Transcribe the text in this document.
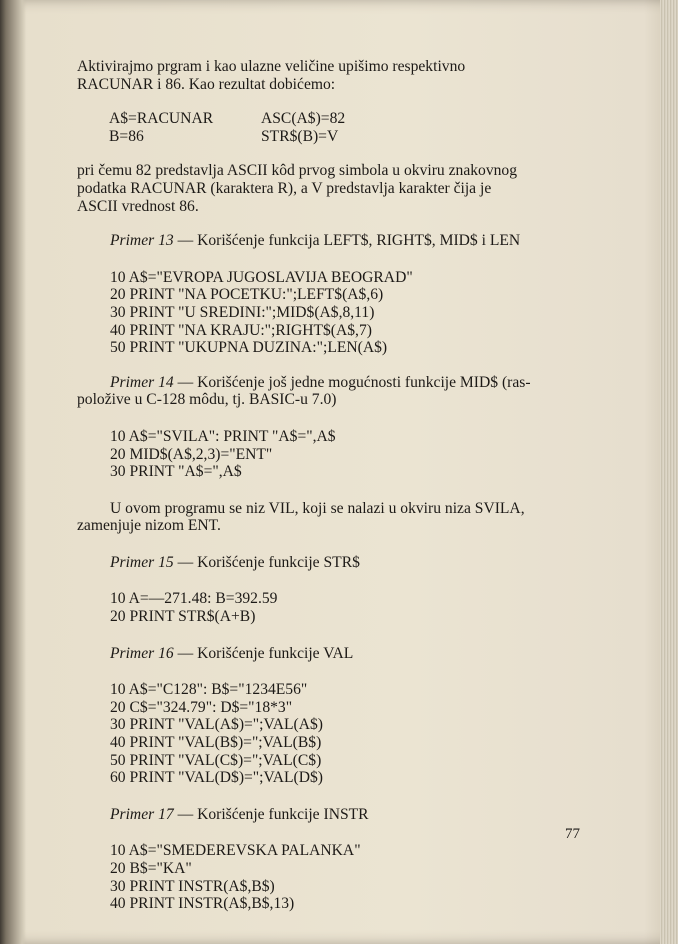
Aktivirajmo prgram i kao ulazne veličine upišimo respektivno
RACUNAR i 86. Kao rezultat dobićemo:

A$=RACUNAR	ASC(A$)=82
B=86	STR$(B)=V

pri čemu 82 predstavlja ASCII kôd prvog simbola u okviru znakovnog
podatka RACUNAR (karaktera R), a V predstavlja karakter čija je
ASCII vrednost 86.

Primer 13 — Korišćenje funkcija LEFT$, RIGHT$, MID$ i LEN
10 A$="EVROPA JUGOSLAVIJA BEOGRAD"
20 PRINT "NA POCETKU:";LEFT$(A$,6)
30 PRINT "U SREDINI:";MID$(A$,8,11)
40 PRINT "NA KRAJU:";RIGHT$(A$,7)
50 PRINT "UKUPNA DUZINA:";LEN(A$)

Primer 14 — Korišćenje još jedne mogućnosti funkcije MID$ (ras-
položive u C-128 môdu, tj. BASIC-u 7.0)

10 A$="SVILA": PRINT "A$=",A$
20 MID$(A$,2,3)="ENT"
30 PRINT "A$=",A$

U ovom programu se niz VIL, koji se nalazi u okviru niza SVILA,
zamenjuje nizom ENT.

Primer 15 — Korišćenje funkcije STR$
10 A=—271.48: B=392.59
20 PRINT STR$(A+B)
Primer 16 — Korišćenje funkcije VAL
10 A$="C128": B$="1234E56"
20 C$="324.79": D$="18*3"
30 PRINT "VAL(A$)=";VAL(A$)
40 PRINT "VAL(B$)=";VAL(B$)
50 PRINT "VAL(C$)=";VAL(C$)
60 PRINT "VAL(D$)=";VAL(D$)
Primer 17 — Korišćenje funkcije INSTR
10 A$="SMEDEREVSKA PALANKA"
20 B$="KA"
30 PRINT INSTR(A$,B$)
40 PRINT INSTR(A$,B$,13)
77
